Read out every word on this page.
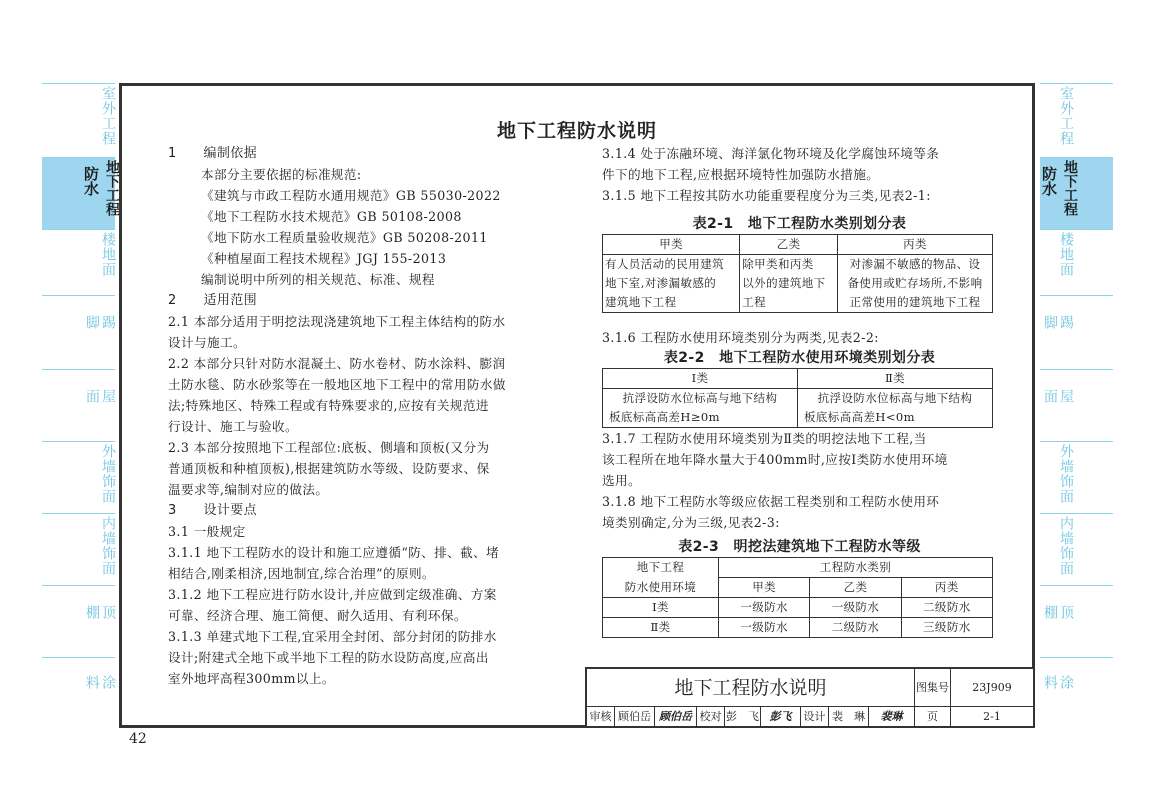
室外工程
防水 地下工程
楼地面
踢脚
屋面
外墙饰面
内墙饰面
顶棚
涂料
室外工程
防水 地下工程
楼地面
踢脚
屋面
外墙饰面
内墙饰面
顶棚
涂料
地下工程防水说明

1　　编制依据

本部分主要依据的标准规范:

《建筑与市政工程防水通用规范》GB 55030-2022

《地下工程防水技术规范》GB 50108-2008

《地下防水工程质量验收规范》GB 50208-2011

《种植屋面工程技术规程》JGJ 155-2013

编制说明中所列的相关规范、标准、规程

2　　适用范围

2.1 本部分适用于明挖法现浇建筑地下工程主体结构的防水

设计与施工。

2.2 本部分只针对防水混凝土、防水卷材、防水涂料、膨润

土防水毯、防水砂浆等在一般地区地下工程中的常用防水做

法;特殊地区、特殊工程或有特殊要求的,应按有关规范进

行设计、施工与验收。

2.3 本部分按照地下工程部位:底板、侧墙和顶板(又分为

普通顶板和种植顶板),根据建筑防水等级、设防要求、保

温要求等,编制对应的做法。

3　　设计要点

3.1 一般规定

3.1.1 地下工程防水的设计和施工应遵循“防、排、截、堵

相结合,刚柔相济,因地制宜,综合治理”的原则。

3.1.2 地下工程应进行防水设计,并应做到定级准确、方案

可靠、经济合理、施工简便、耐久适用、有利环保。

3.1.3 单建式地下工程,宜采用全封闭、部分封闭的防排水

设计;附建式全地下或半地下工程的防水设防高度,应高出

室外地坪高程300mm以上。

3.1.4 处于冻融环境、海洋氯化物环境及化学腐蚀环境等条

件下的地下工程,应根据环境特性加强防水措施。

3.1.5 地下工程按其防水功能重要程度分为三类,见表2-1:

表2-1　地下工程防水类别划分表
甲类	乙类	丙类
有人员活动的民用建筑	除甲类和丙类	对渗漏不敏感的物品、设
地下室,对渗漏敏感的	以外的建筑地下	备使用或贮存场所,不影响
建筑地下工程	工程	正常使用的建筑地下工程

3.1.6 工程防水使用环境类别分为两类,见表2-2:

表2-2　地下工程防水使用环境类别划分表
Ⅰ类	Ⅱ类
抗浮设防水位标高与地下结构	抗浮设防水位标高与地下结构
板底标高高差H≥0m	板底标高高差H<0m

3.1.7 工程防水使用环境类别为Ⅱ类的明挖法地下工程,当

该工程所在地年降水量大于400mm时,应按Ⅰ类防水使用环境

选用。

3.1.8 地下工程防水等级应依据工程类别和工程防水使用环

境类别确定,分为三级,见表2-3:

表2-3　明挖法建筑地下工程防水等级
地下工程	工程防水类别		
防水使用环境	甲类	乙类	丙类
Ⅰ类	一级防水	一级防水	二级防水
Ⅱ类	一级防水	二级防水	三级防水
地下工程防水说明	图集号	23J909
审核 顾伯岳 顾伯岳 校对 彭　飞 彭飞	设计 裴　琳	裴琳	页	2-1
42
